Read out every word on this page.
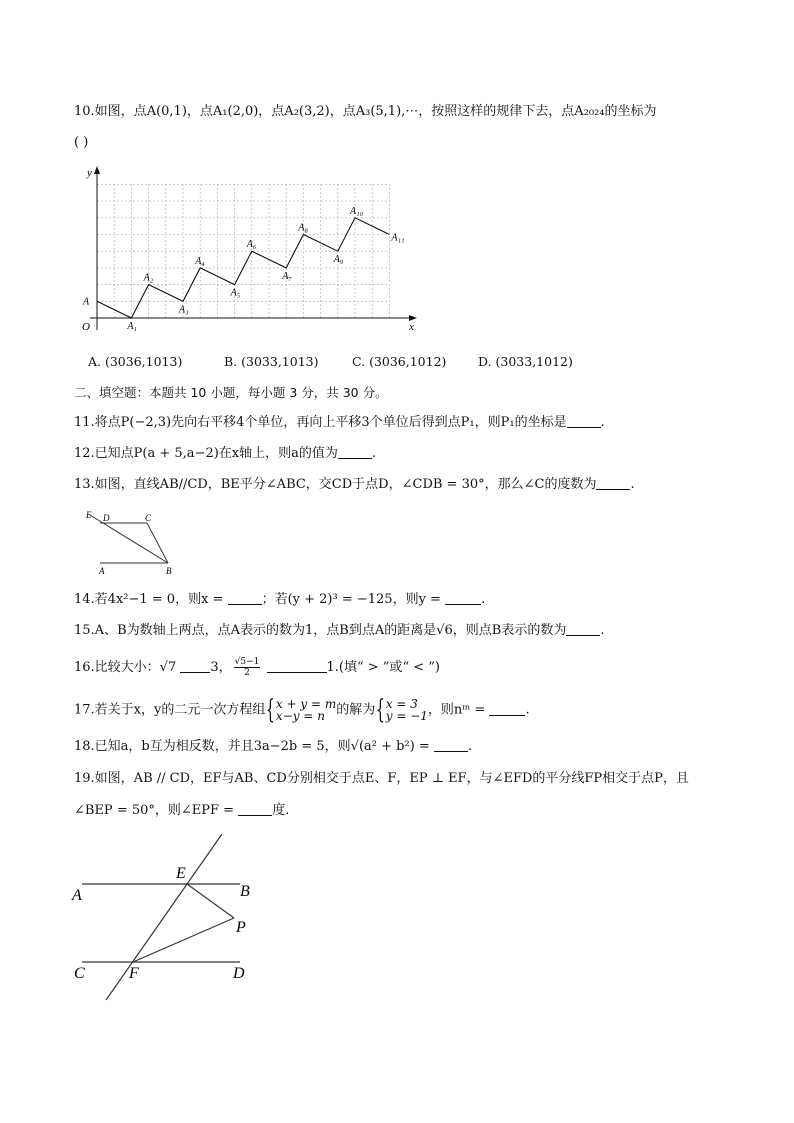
10.如图，点A(0,1)，点A₁(2,0)，点A₂(3,2)，点A₃(5,1),⋯，按照这样的规律下去，点A₂₀₂₄的坐标为
( )
y
x
O
A
A₁
A₂
A₃
A₄
A₅
A₆
A₇
A₈
A₉
A₁₀
A₁₁
A. (3036,1013)	B. (3033,1013)	C. (3036,1012)	D. (3033,1012)
二、填空题：本题共 10 小题，每小题 3 分，共 30 分。
11.将点P(−2,3)先向右平移4个单位，再向上平移3个单位后得到点P₁，则P₁的坐标是	.
12.已知点P(a + 5,a−2)在x轴上，则a的值为	.
13.如图，直线AB//CD，BE平分∠ABC，交CD于点D，∠CDB = 30°，那么∠C的度数为	.
E D	C
A	B
14.若4x²−1 = 0，则x =	；若(y + 2)³ = −125，则y =	.
15.A、B为数轴上两点，点A表示的数为1，点B到点A的距离是√6，则点B表示的数为	.
16.比较大小：√7	3， $\frac{√5-1}{2}$	1.(填“ > ”或“ < ”)
17.若关于x，y的二元一次方程组{ x + y = m
x−y = n 的解为{ x = 3
y = −1 ，则nᵐ =	.
18.已知a，b互为相反数，并且3a−2b = 5，则√(a² + b²) =	.
19.如图，AB // CD，EF与AB、CD分别相交于点E、F，EP ⊥ EF，与∠EFD的平分线FP相交于点P，且
∠BEP = 50°，则∠EPF =	度.
E
B
A
P
C	F	D
